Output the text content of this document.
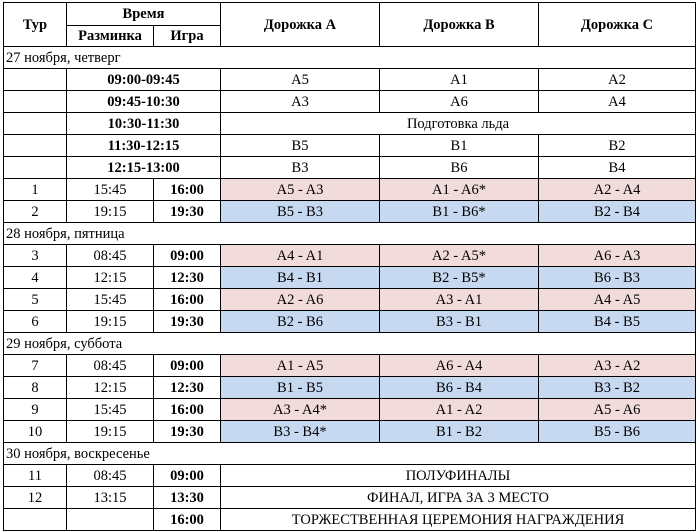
Тур	Время		Дорожка A	Дорожка B	Дорожка C
	Разминка	Игра			
27 ноября, четверг					
	09:00-09:45		A5	A1	A2
	09:45-10:30		A3	A6	A4
	10:30-11:30		Подготовка льда		
	11:30-12:15		B5	B1	B2
	12:15-13:00		B3	B6	B4
1	15:45	16:00	A5 - A3	A1 - A6*	A2 - A4
2	19:15	19:30	B5 - B3	B1 - B6*	B2 - B4
28 ноября, пятница					
3	08:45	09:00	A4 - A1	A2 - A5*	A6 - A3
4	12:15	12:30	B4 - B1	B2 - B5*	B6 - B3
5	15:45	16:00	A2 - A6	A3 - A1	A4 - A5
6	19:15	19:30	B2 - B6	B3 - B1	B4 - B5
29 ноября, суббота					
7	08:45	09:00	A1 - A5	A6 - A4	A3 - A2
8	12:15	12:30	B1 - B5	B6 - B4	B3 - B2
9	15:45	16:00	A3 - A4*	A1 - A2	A5 - A6
10	19:15	19:30	B3 - B4*	B1 - B2	B5 - B6
30 ноября, воскресенье					
11	08:45	09:00	ПОЛУФИНАЛЫ		
12	13:15	13:30	ФИНАЛ, ИГРА ЗА 3 МЕСТО		
		16:00	ТОРЖЕСТВЕННАЯ ЦЕРЕМОНИЯ НАГРАЖДЕНИЯ		
